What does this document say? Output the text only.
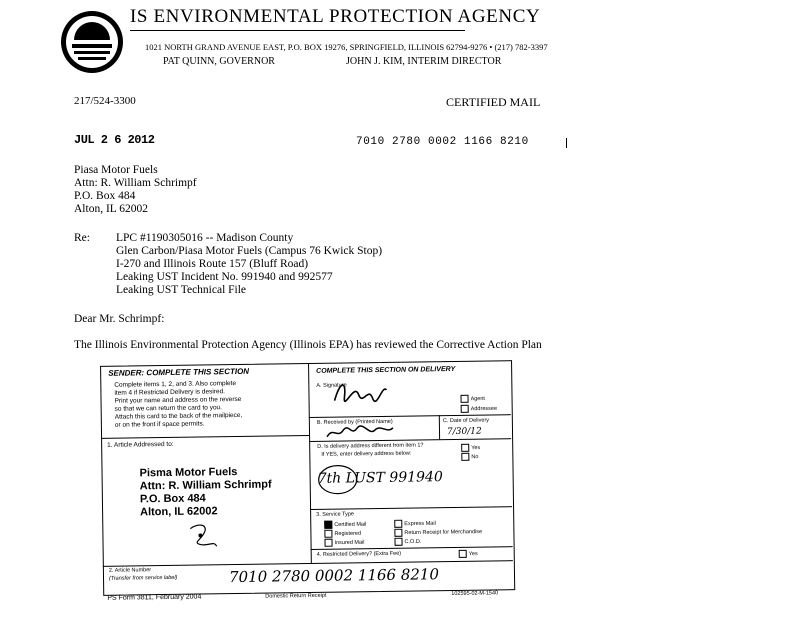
IS ENVIRONMENTAL PROTECTION AGENCY
1021 NORTH GRAND AVENUE EAST, P.O. BOX 19276, SPRINGFIELD, ILLINOIS 62794-9276 • (217) 782-3397
PAT QUINN, GOVERNOR	JOHN J. KIM, INTERIM DIRECTOR
217/524-3300	CERTIFIED MAIL
JUL 2 6 2012	7010 2780 0002 1166 8210
Piasa Motor Fuels
Attn: R. William Schrimpf
P.O. Box 484
Alton, IL 62002
Re: LPC #1190305016 -- Madison County
Glen Carbon/Piasa Motor Fuels (Campus 76 Kwick Stop)
I-270 and Illinois Route 157 (Bluff Road)
Leaking UST Incident No. 991940 and 992577
Leaking UST Technical File
Dear Mr. Schrimpf:
The Illinois Environmental Protection Agency (Illinois EPA) has reviewed the Corrective Action Plan
SENDER: COMPLETE THIS SECTION
Complete items 1, 2, and 3. Also complete
item 4 if Restricted Delivery is desired.
Print your name and address on the reverse
so that we can return the card to you.
Attach this card to the back of the mailpiece,
or on the front if space permits.
1. Article Addressed to:
Pisma Motor Fuels
Attn: R. William Schrimpf
P.O. Box 484
Alton, IL 62002
COMPLETE THIS SECTION ON DELIVERY
A. Signature
Agent
Addressee
B. Received by (Printed Name)	C. Date of Delivery
7/30/12
D. Is delivery address different from item 1?
If YES, enter delivery address below:
Yes
No
7th LUST 991940
3. Service Type
Certified Mail	Express Mail
Registered	Return Receipt for Merchandise
Insured Mail	C.O.D.
4. Restricted Delivery? (Extra Fee)	Yes
2. Article Number
(Transfer from service label)	7010 2780 0002 1166 8210
PS Form 3811, February 2004	Domestic Return Receipt	102595-02-M-1540
